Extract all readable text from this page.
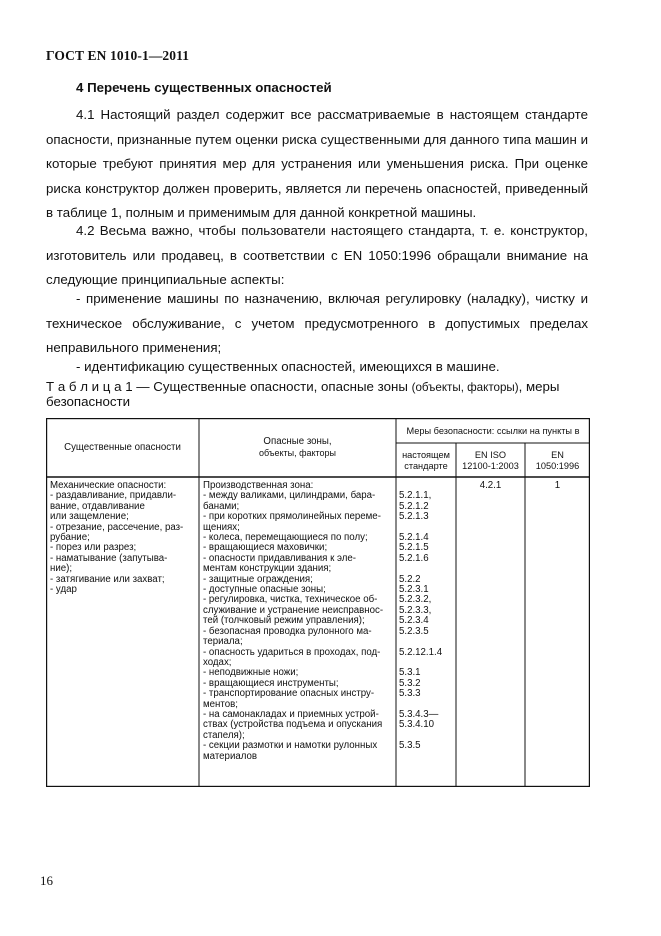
ГОСТ EN 1010-1—2011
4 Перечень существенных опасностей
4.1 Настоящий раздел содержит все рассматриваемые в настоящем стандарте опасности, признанные путем оценки риска существенными для данного типа машин и которые требуют принятия мер для устранения или уменьшения риска. При оценке риска конструктор должен проверить, является ли перечень опасностей, приведенный в таблице 1, полным и применимым для данной конкретной машины.
4.2 Весьма важно, чтобы пользователи настоящего стандарта, т. е. конструктор, изготовитель или продавец, в соответствии с EN 1050:1996 обращали внимание на следующие принципиальные аспекты:
- применение машины по назначению, включая регулировку (наладку), чистку и техническое обслуживание, с учетом предусмотренного в допустимых пределах неправильного применения;
- идентификацию существенных опасностей, имеющихся в машине.
Т а б л и ц а 1 — Существенные опасности, опасные зоны (объекты, факторы), меры безопасности
Существенные опасности
Опасные зоны,
объекты, факторы
Меры безопасности: ссылки на пункты в
настоящем
стандарте
EN ISO
12100-1:2003
EN
1050:1996
Механические опасности:
- раздавливание, придавли-
вание, отдавливание
или защемление;
- отрезание, рассечение, раз-
рубание;
- порез или разрез;
- наматывание (запутыва-
ние);
- затягивание или захват;
- удар
Производственная зона:
- между валиками, цилиндрами, бара-
банами;
- при коротких прямолинейных переме-
щениях;
- колеса, перемещающиеся по полу;
- вращающиеся маховички;
- опасности придавливания к эле-
ментам конструкции здания;
- защитные ограждения;
- доступные опасные зоны;
- регулировка, чистка, техническое об-
служивание и устранение неисправнос-
тей (толчковый режим управления);
- безопасная проводка рулонного ма-
териала;
- опасность удариться в проходах, под-
ходах;
- неподвижные ножи;
- вращающиеся инструменты;
- транспортирование опасных инстру-
ментов;
- на самонакладах и приемных устрой-
ствах (устройства подъема и опускания
стапеля);
- секции размотки и намотки рулонных
материалов

5.2.1.1,
5.2.1.2
5.2.1.3

5.2.1.4
5.2.1.5
5.2.1.6

5.2.2
5.2.3.1
5.2.3.2,
5.2.3.3,
5.2.3.4
5.2.3.5

5.2.12.1.4

5.3.1
5.3.2
5.3.3

5.3.4.3—
5.3.4.10

5.3.5
4.2.1	1
16
